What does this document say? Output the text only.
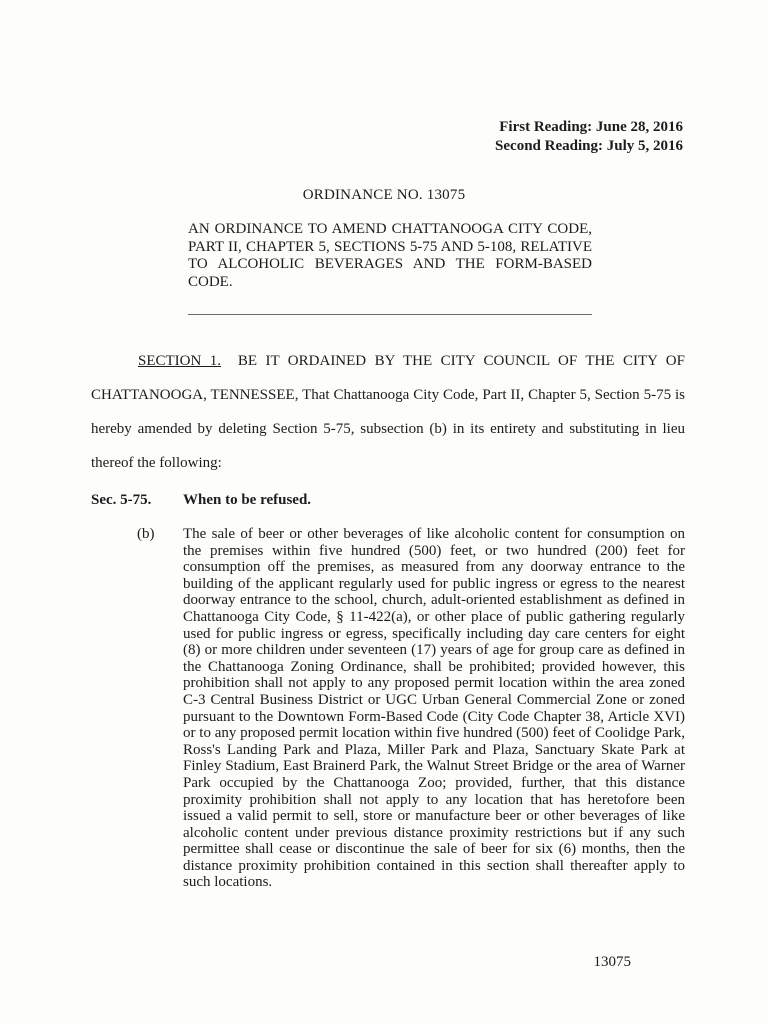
First Reading: June 28, 2016
Second Reading: July 5, 2016
ORDINANCE NO. 13075
AN ORDINANCE TO AMEND CHATTANOOGA CITY CODE, PART II, CHAPTER 5, SECTIONS 5-75 AND 5-108, RELATIVE TO ALCOHOLIC BEVERAGES AND THE FORM-BASED CODE.
SECTION 1. BE IT ORDAINED BY THE CITY COUNCIL OF THE CITY OF CHATTANOOGA, TENNESSEE, That Chattanooga City Code, Part II, Chapter 5, Section 5-75 is hereby amended by deleting Section 5-75, subsection (b) in its entirety and substituting in lieu thereof the following:
Sec. 5-75. When to be refused.
(b) The sale of beer or other beverages of like alcoholic content for consumption on the premises within five hundred (500) feet, or two hundred (200) feet for consumption off the premises, as measured from any doorway entrance to the building of the applicant regularly used for public ingress or egress to the nearest doorway entrance to the school, church, adult-oriented establishment as defined in Chattanooga City Code, § 11-422(a), or other place of public gathering regularly used for public ingress or egress, specifically including day care centers for eight (8) or more children under seventeen (17) years of age for group care as defined in the Chattanooga Zoning Ordinance, shall be prohibited; provided however, this prohibition shall not apply to any proposed permit location within the area zoned C-3 Central Business District or UGC Urban General Commercial Zone or zoned pursuant to the Downtown Form-Based Code (City Code Chapter 38, Article XVI) or to any proposed permit location within five hundred (500) feet of Coolidge Park, Ross's Landing Park and Plaza, Miller Park and Plaza, Sanctuary Skate Park at Finley Stadium, East Brainerd Park, the Walnut Street Bridge or the area of Warner Park occupied by the Chattanooga Zoo; provided, further, that this distance proximity prohibition shall not apply to any location that has heretofore been issued a valid permit to sell, store or manufacture beer or other beverages of like alcoholic content under previous distance proximity restrictions but if any such permittee shall cease or discontinue the sale of beer for six (6) months, then the distance proximity prohibition contained in this section shall thereafter apply to such locations.
13075
